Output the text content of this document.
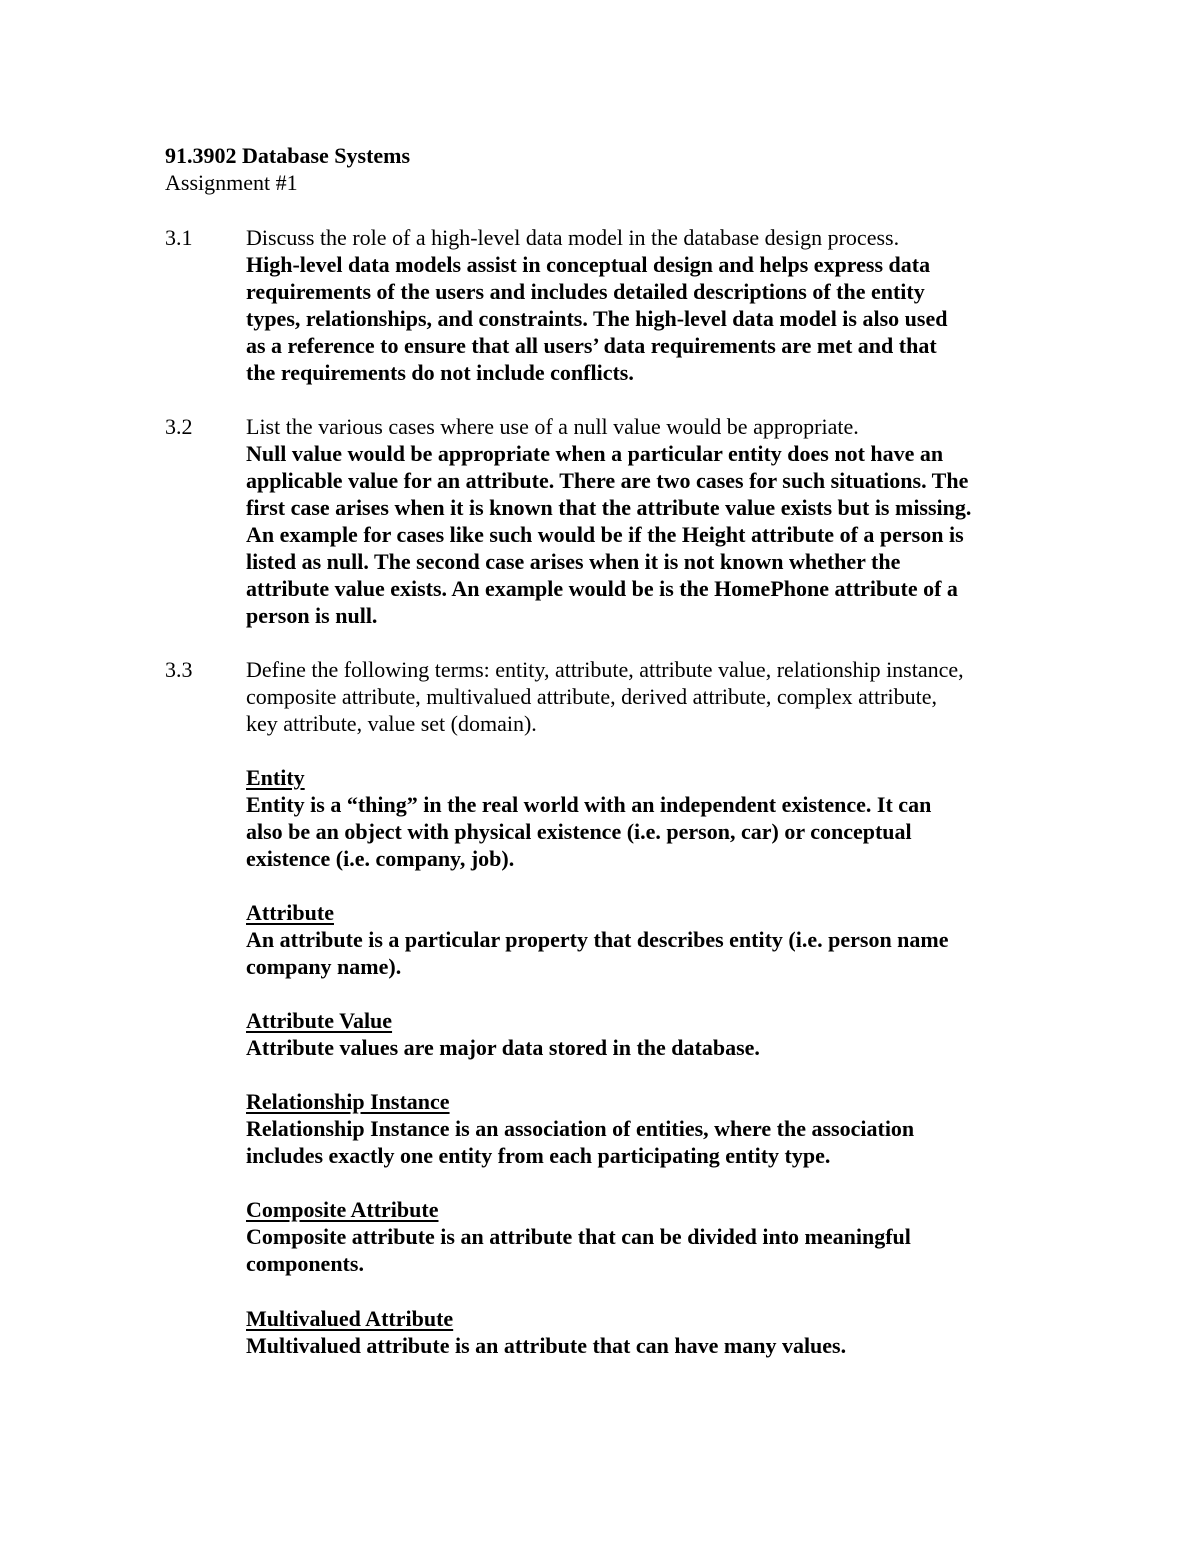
91.3902 Database Systems
Assignment #1
3.1 Discuss the role of a high-level data model in the database design process.
High-level data models assist in conceptual design and helps express data
requirements of the users and includes detailed descriptions of the entity
types, relationships, and constraints. The high-level data model is also used
as a reference to ensure that all users’ data requirements are met and that
the requirements do not include conflicts.
3.2 List the various cases where use of a null value would be appropriate.
Null value would be appropriate when a particular entity does not have an
applicable value for an attribute. There are two cases for such situations. The
first case arises when it is known that the attribute value exists but is missing.
An example for cases like such would be if the Height attribute of a person is
listed as null. The second case arises when it is not known whether the
attribute value exists. An example would be is the HomePhone attribute of a
person is null.
3.3 Define the following terms: entity, attribute, attribute value, relationship instance,
composite attribute, multivalued attribute, derived attribute, complex attribute,
key attribute, value set (domain).
Entity
Entity is a “thing” in the real world with an independent existence. It can
also be an object with physical existence (i.e. person, car) or conceptual
existence (i.e. company, job).
Attribute
An attribute is a particular property that describes entity (i.e. person name
company name).
Attribute Value
Attribute values are major data stored in the database.
Relationship Instance
Relationship Instance is an association of entities, where the association
includes exactly one entity from each participating entity type.
Composite Attribute
Composite attribute is an attribute that can be divided into meaningful
components.
Multivalued Attribute
Multivalued attribute is an attribute that can have many values.
